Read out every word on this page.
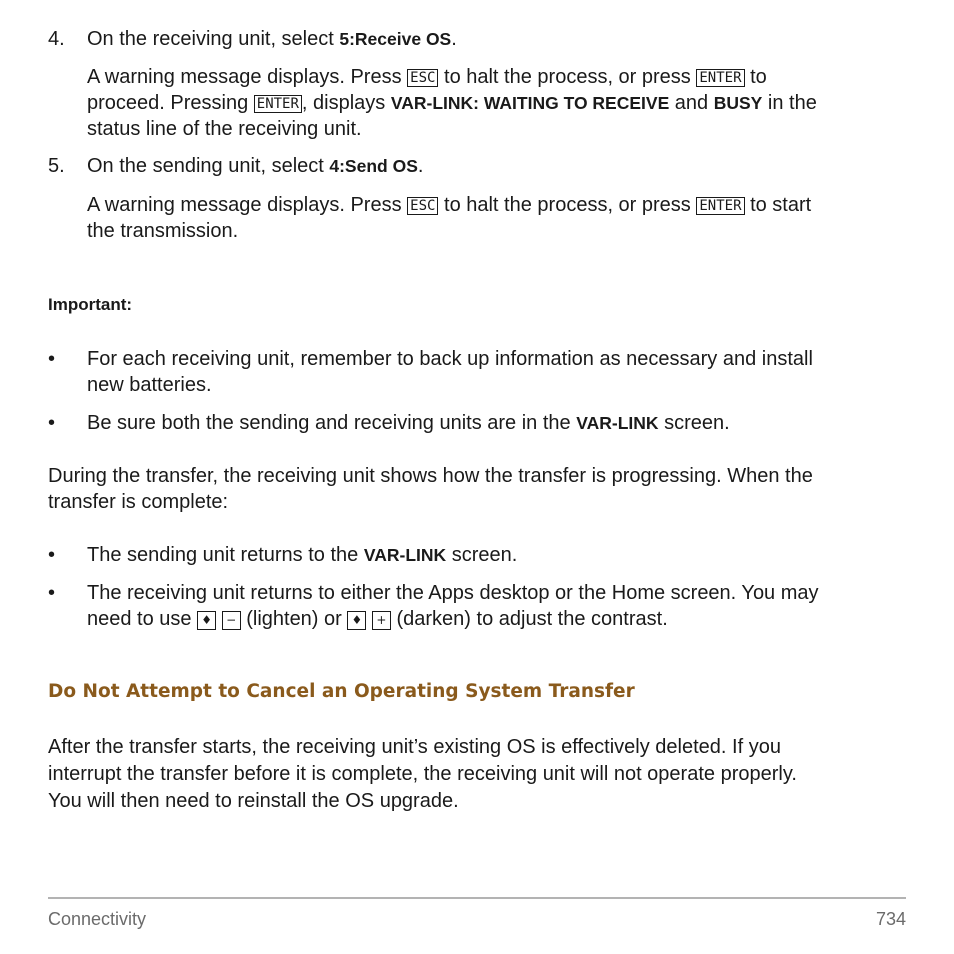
4. On the receiving unit, select 5:Receive OS.
A warning message displays. Press ESC to halt the process, or press ENTER to
proceed. Pressing ENTER , displays VAR-LINK: WAITING TO RECEIVE and BUSY in the
status line of the receiving unit.
5. On the sending unit, select 4:Send OS.
A warning message displays. Press ESC to halt the process, or press ENTER to start
the transmission.
Important:
• For each receiving unit, remember to back up information as necessary and install
new batteries.
• Be sure both the sending and receiving units are in the VAR-LINK screen.
During the transfer, the receiving unit shows how the transfer is progressing. When the
transfer is complete:
• The sending unit returns to the VAR-LINK screen.
• The receiving unit returns to either the Apps desktop or the Home screen. You may
need to use ♦ − (lighten) or ♦ + (darken) to adjust the contrast.
Do Not Attempt to Cancel an Operating System Transfer
After the transfer starts, the receiving unit’s existing OS is effectively deleted. If you
interrupt the transfer before it is complete, the receiving unit will not operate properly.
You will then need to reinstall the OS upgrade.
Connectivity	734
